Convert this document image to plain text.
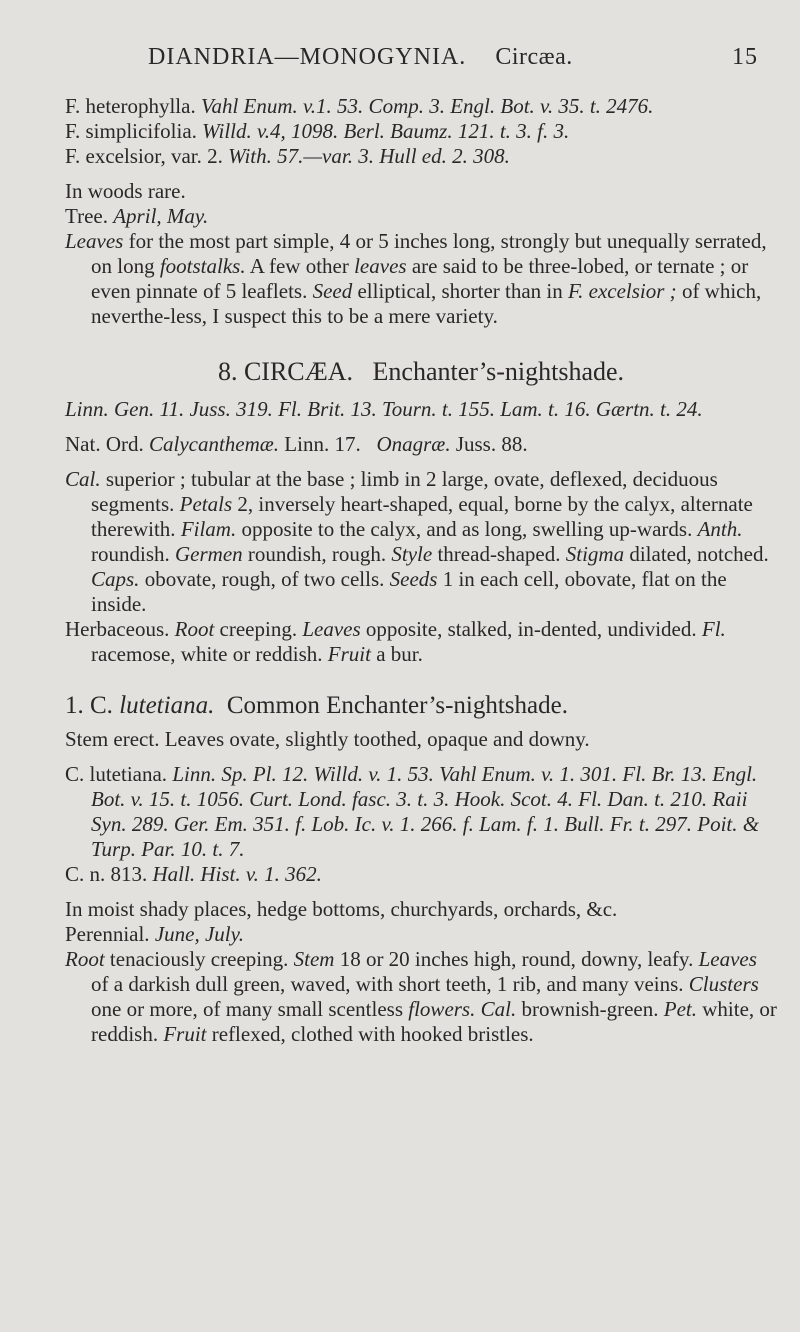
DIANDRIA—MONOGYNIA. Circæa.	15

F. heterophylla. Vahl Enum. v.1. 53. Comp. 3. Engl. Bot. v. 35. t. 2476.

F. simplicifolia. Willd. v.4, 1098. Berl. Baumz. 121. t. 3. f. 3.

F. excelsior, var. 2. With. 57.—var. 3. Hull ed. 2. 308.

In woods rare.

Tree. April, May.

Leaves for the most part simple, 4 or 5 inches long, strongly but unequally serrated, on long footstalks. A few other leaves are said to be three-lobed, or ternate ; or even pinnate of 5 leaflets. Seed elliptical, shorter than in F. excelsior ; of which, neverthe-less, I suspect this to be a mere variety.

8. CIRCÆA. Enchanter’s-nightshade.

Linn. Gen. 11. Juss. 319. Fl. Brit. 13. Tourn. t. 155. Lam. t. 16. Gærtn. t. 24.

Nat. Ord. Calycanthemæ. Linn. 17. Onagræ. Juss. 88.

Cal. superior ; tubular at the base ; limb in 2 large, ovate, deflexed, deciduous segments. Petals 2, inversely heart-shaped, equal, borne by the calyx, alternate therewith. Filam. opposite to the calyx, and as long, swelling up-wards. Anth. roundish. Germen roundish, rough. Style thread-shaped. Stigma dilated, notched. Caps. obovate, rough, of two cells. Seeds 1 in each cell, obovate, flat on the inside.

Herbaceous. Root creeping. Leaves opposite, stalked, in-dented, undivided. Fl. racemose, white or reddish. Fruit a bur.

1. C. lutetiana. Common Enchanter’s-nightshade.

Stem erect. Leaves ovate, slightly toothed, opaque and downy.

C. lutetiana. Linn. Sp. Pl. 12. Willd. v. 1. 53. Vahl Enum. v. 1. 301. Fl. Br. 13. Engl. Bot. v. 15. t. 1056. Curt. Lond. fasc. 3. t. 3. Hook. Scot. 4. Fl. Dan. t. 210. Raii Syn. 289. Ger. Em. 351. f. Lob. Ic. v. 1. 266. f. Lam. f. 1. Bull. Fr. t. 297. Poit. & Turp. Par. 10. t. 7.

C. n. 813. Hall. Hist. v. 1. 362.

In moist shady places, hedge bottoms, churchyards, orchards, &c.

Perennial. June, July.

Root tenaciously creeping. Stem 18 or 20 inches high, round, downy, leafy. Leaves of a darkish dull green, waved, with short teeth, 1 rib, and many veins. Clusters one or more, of many small scentless flowers. Cal. brownish-green. Pet. white, or reddish. Fruit reflexed, clothed with hooked bristles.
